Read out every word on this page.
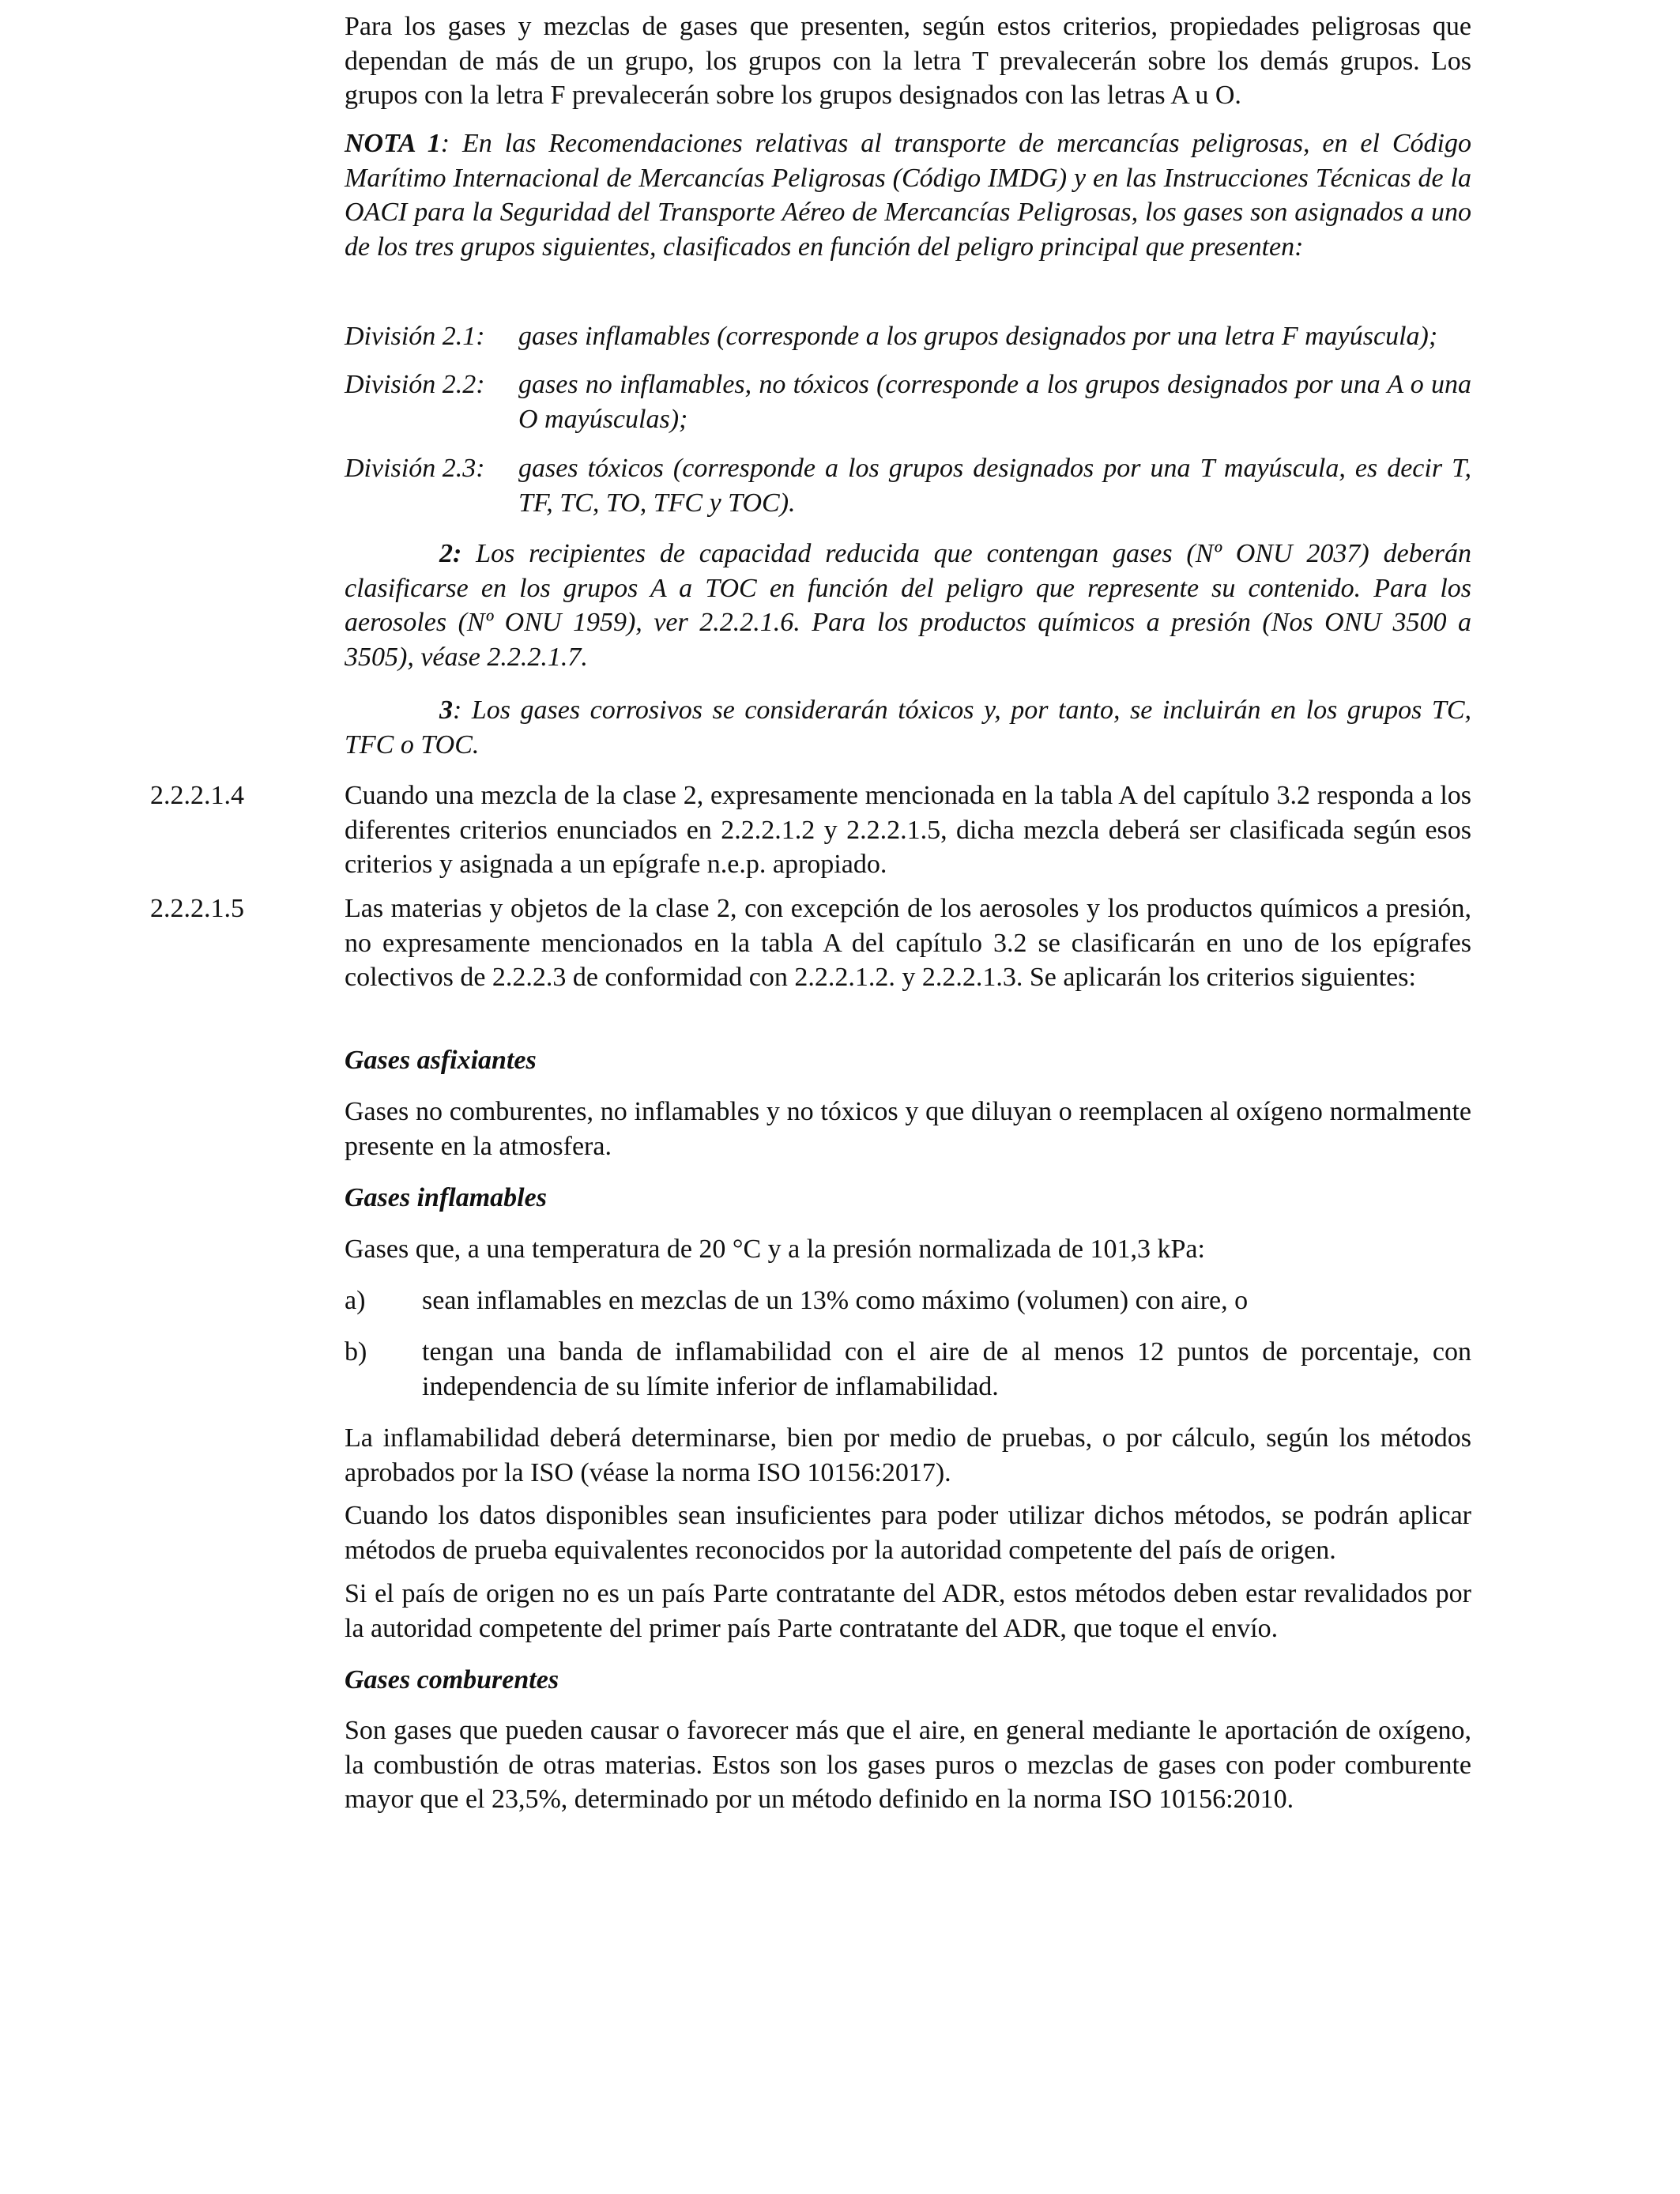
Para los gases y mezclas de gases que presenten, según estos criterios, propiedades peligrosas que dependan de más de un grupo, los grupos con la letra T prevalecerán sobre los demás grupos. Los grupos con la letra F prevalecerán sobre los grupos designados con las letras A u O.
NOTA 1: En las Recomendaciones relativas al transporte de mercancías peligrosas, en el Código Marítimo Internacional de Mercancías Peligrosas (Código IMDG) y en las Instrucciones Técnicas de la OACI para la Seguridad del Transporte Aéreo de Mercancías Peligrosas, los gases son asignados a uno de los tres grupos siguientes, clasificados en función del peligro principal que presenten:
División 2.1: gases inflamables (corresponde a los grupos designados por una letra F mayúscula);
División 2.2: gases no inflamables, no tóxicos (corresponde a los grupos designados por una A o una O mayúsculas);
División 2.3: gases tóxicos (corresponde a los grupos designados por una T mayúscula, es decir T, TF, TC, TO, TFC y TOC).
2: Los recipientes de capacidad reducida que contengan gases (Nº ONU 2037) deberán clasificarse en los grupos A a TOC en función del peligro que represente su contenido. Para los aerosoles (Nº ONU 1959), ver 2.2.2.1.6. Para los productos químicos a presión (Nos ONU 3500 a 3505), véase 2.2.2.1.7.
3: Los gases corrosivos se considerarán tóxicos y, por tanto, se incluirán en los grupos TC, TFC o TOC.
2.2.2.1.4	Cuando una mezcla de la clase 2, expresamente mencionada en la tabla A del capítulo 3.2 responda a los diferentes criterios enunciados en 2.2.2.1.2 y 2.2.2.1.5, dicha mezcla deberá ser clasificada según esos criterios y asignada a un epígrafe n.e.p. apropiado.
2.2.2.1.5	Las materias y objetos de la clase 2, con excepción de los aerosoles y los productos químicos a presión, no expresamente mencionados en la tabla A del capítulo 3.2 se clasificarán en uno de los epígrafes colectivos de 2.2.2.3 de conformidad con 2.2.2.1.2. y 2.2.2.1.3. Se aplicarán los criterios siguientes:
Gases asfixiantes
Gases no comburentes, no inflamables y no tóxicos y que diluyan o reemplacen al oxígeno normalmente presente en la atmosfera.
Gases inflamables
Gases que, a una temperatura de 20 °C y a la presión normalizada de 101,3 kPa:
a) sean inflamables en mezclas de un 13% como máximo (volumen) con aire, o
b) tengan una banda de inflamabilidad con el aire de al menos 12 puntos de porcentaje, con independencia de su límite inferior de inflamabilidad.
La inflamabilidad deberá determinarse, bien por medio de pruebas, o por cálculo, según los métodos aprobados por la ISO (véase la norma ISO 10156:2017).
Cuando los datos disponibles sean insuficientes para poder utilizar dichos métodos, se podrán aplicar métodos de prueba equivalentes reconocidos por la autoridad competente del país de origen.
Si el país de origen no es un país Parte contratante del ADR, estos métodos deben estar revalidados por la autoridad competente del primer país Parte contratante del ADR, que toque el envío.
Gases comburentes
Son gases que pueden causar o favorecer más que el aire, en general mediante le aportación de oxígeno, la combustión de otras materias. Estos son los gases puros o mezclas de gases con poder comburente mayor que el 23,5%, determinado por un método definido en la norma ISO 10156:2010.
